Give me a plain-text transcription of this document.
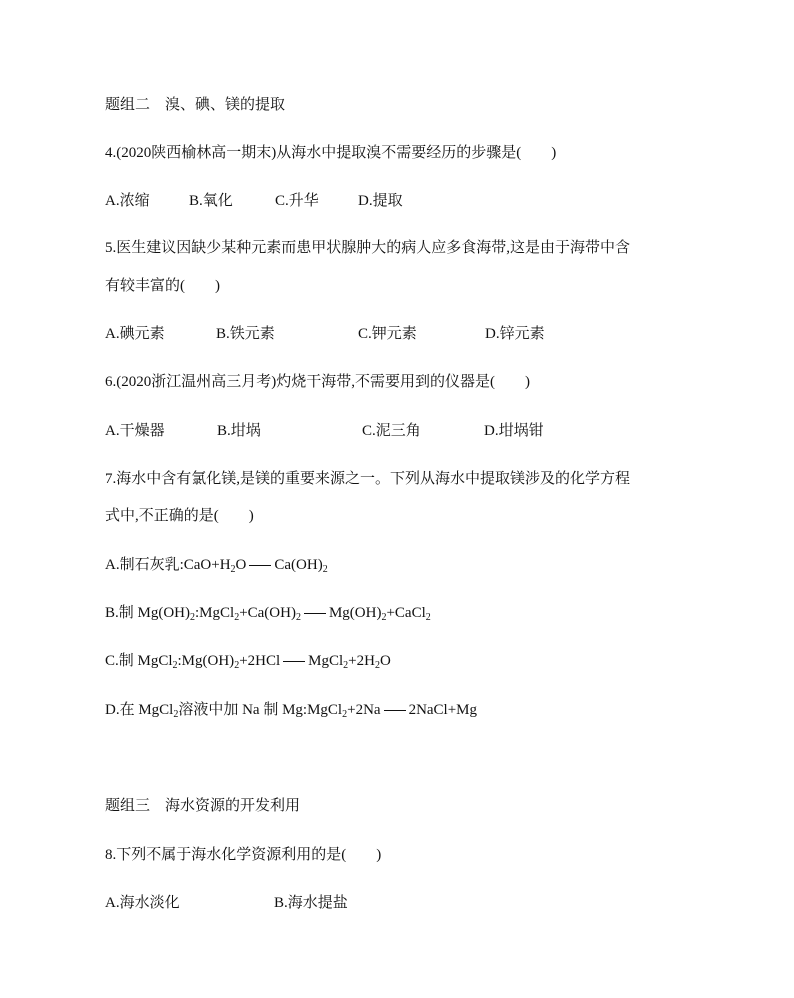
题组二　溴、碘、镁的提取
4.(2020陕西榆林高一期末)从海水中提取溴不需要经历的步骤是(　　)
A.浓缩	B.氧化	C.升华	D.提取
5.医生建议因缺少某种元素而患甲状腺肿大的病人应多食海带,这是由于海带中含
有较丰富的(　　)
A.碘元素	B.铁元素	C.钾元素	D.锌元素
6.(2020浙江温州高三月考)灼烧干海带,不需要用到的仪器是(　　)
A.干燥器	B.坩埚	C.泥三角	D.坩埚钳
7.海水中含有氯化镁,是镁的重要来源之一。下列从海水中提取镁涉及的化学方程
式中,不正确的是(　　)
A.制石灰乳$:CaO+H_2O$ $Ca(OH)_2$
B.制 $Mg(OH)_2:MgCl_2+Ca(OH)_2$ $Mg(OH)_2+CaCl_2$
C.制 $MgCl_2:Mg(OH)_2+2HCl$ $MgCl_2+2H_2O$
D.在 MgCl$_2$溶液中加 Na 制 Mg:MgCl$_2$+2Na 2NaCl+Mg
题组三　海水资源的开发利用
8.下列不属于海水化学资源利用的是(　　)
A.海水淡化	B.海水提盐
